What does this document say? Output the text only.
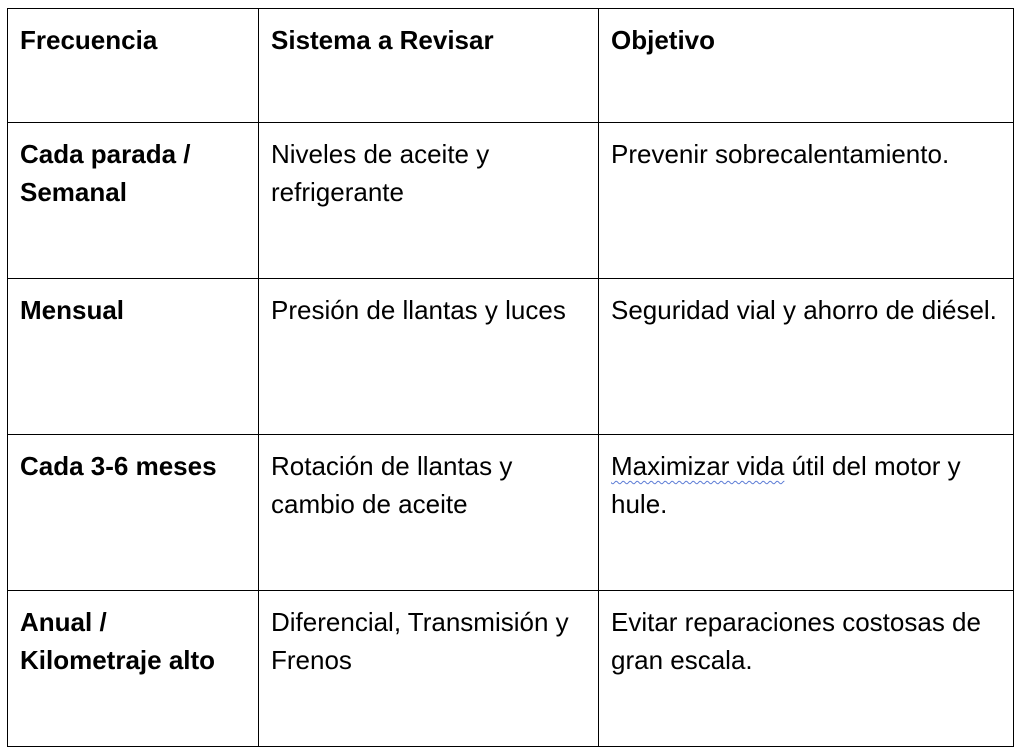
Frecuencia	Sistema a Revisar	Objetivo
Cada parada / Semanal	Niveles de aceite y refrigerante	Prevenir sobrecalentamiento.
Mensual	Presión de llantas y luces	Seguridad vial y ahorro de diésel.
Cada 3-6 meses	Rotación de llantas y cambio de aceite	Maximizar vida útil del motor y hule.
Anual / Kilometraje alto	Diferencial, Transmisión y Frenos	Evitar reparaciones costosas de gran escala.
